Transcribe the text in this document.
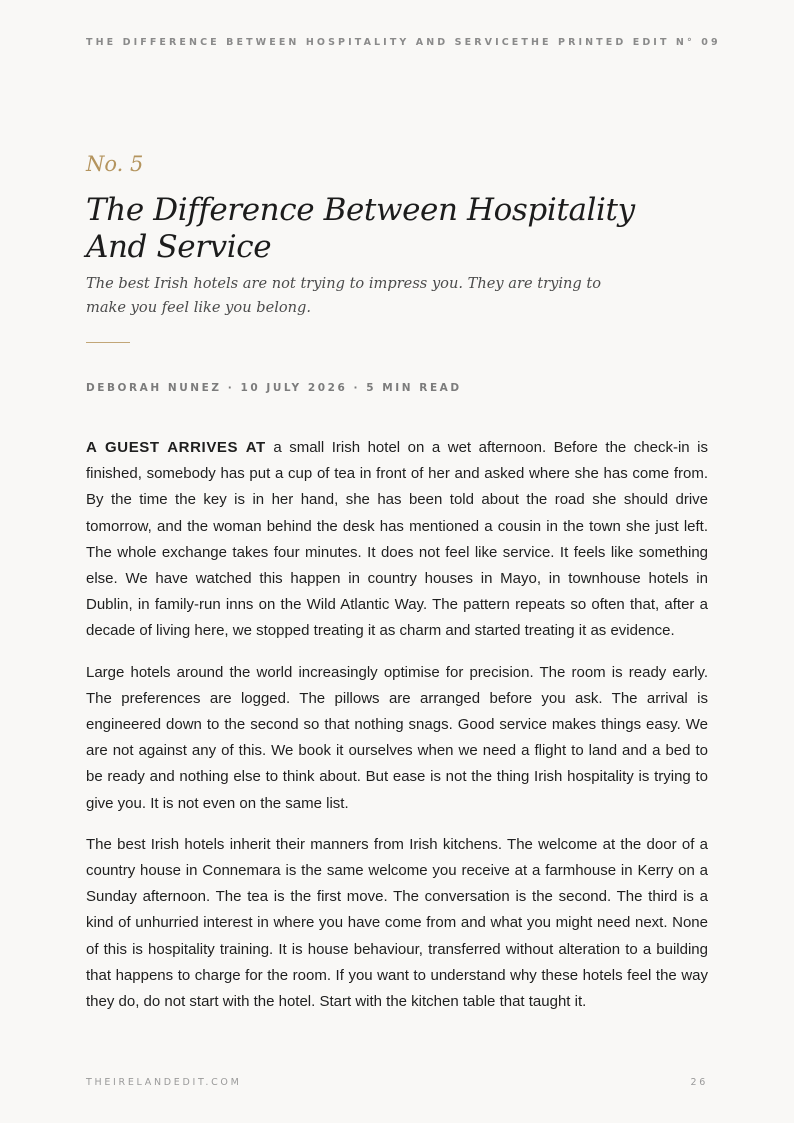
THE DIFFERENCE BETWEEN HOSPITALITY AND SERVICE THE PRINTED EDIT N° 09
No. 5
The Difference Between Hospitality And Service

The best Irish hotels are not trying to impress you. They are trying to make you feel like you belong.

DEBORAH NUNEZ · 10 JULY 2026 · 5 MIN READ

A GUEST ARRIVES AT a small Irish hotel on a wet afternoon. Before the check-in is finished, somebody has put a cup of tea in front of her and asked where she has come from. By the time the key is in her hand, she has been told about the road she should drive tomorrow, and the woman behind the desk has mentioned a cousin in the town she just left. The whole exchange takes four minutes. It does not feel like service. It feels like something else. We have watched this happen in country houses in Mayo, in townhouse hotels in Dublin, in family-run inns on the Wild Atlantic Way. The pattern repeats so often that, after a decade of living here, we stopped treating it as charm and started treating it as evidence.

Large hotels around the world increasingly optimise for precision. The room is ready early. The preferences are logged. The pillows are arranged before you ask. The arrival is engineered down to the second so that nothing snags. Good service makes things easy. We are not against any of this. We book it ourselves when we need a flight to land and a bed to be ready and nothing else to think about. But ease is not the thing Irish hospitality is trying to give you. It is not even on the same list.

The best Irish hotels inherit their manners from Irish kitchens. The welcome at the door of a country house in Connemara is the same welcome you receive at a farmhouse in Kerry on a Sunday afternoon. The tea is the first move. The conversation is the second. The third is a kind of unhurried interest in where you have come from and what you might need next. None of this is hospitality training. It is house behaviour, transferred without alteration to a building that happens to charge for the room. If you want to understand why these hotels feel the way they do, do not start with the hotel. Start with the kitchen table that taught it.

THEIRELANDEDIT.COM	26
